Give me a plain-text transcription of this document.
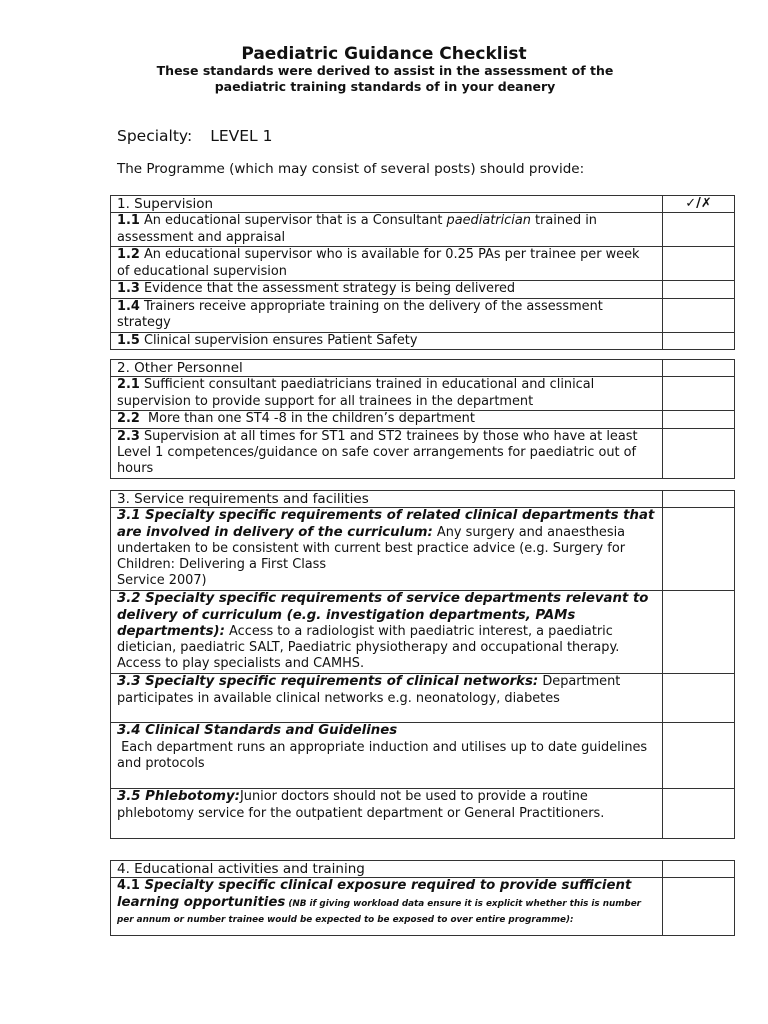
Paediatric Guidance Checklist
These standards were derived to assist in the assessment of the
paediatric training standards of in your deanery
Specialty: LEVEL 1
The Programme (which may consist of several posts) should provide:
1. Supervision	✓/✗
1.1 An educational supervisor that is a Consultant paediatrician trained in assessment and appraisal	
1.2 An educational supervisor who is available for 0.25 PAs per trainee per week of educational supervision	
1.3 Evidence that the assessment strategy is being delivered	
1.4 Trainers receive appropriate training on the delivery of the assessment strategy	
1.5 Clinical supervision ensures Patient Safety	
2. Other Personnel	
2.1 Sufficient consultant paediatricians trained in educational and clinical supervision to provide support for all trainees in the department	
2.2  More than one ST4 -8 in the children’s department	
2.3 Supervision at all times for ST1 and ST2 trainees by those who have at least Level 1 competences/guidance on safe cover arrangements for paediatric out of hours	
3. Service requirements and facilities	
3.1 Specialty specific requirements of related clinical departments that are involved in delivery of the curriculum: Any surgery and anaesthesia undertaken to be consistent with current best practice advice (e.g. Surgery for Children: Delivering a First Class
Service 2007)	
3.2 Specialty specific requirements of service departments relevant to delivery of curriculum (e.g. investigation departments, PAMs departments): Access to a radiologist with paediatric interest, a paediatric dietician, paediatric SALT, Paediatric physiotherapy and occupational therapy. Access to play specialists and CAMHS.	
3.3 Specialty specific requirements of clinical networks: Department participates in available clinical networks e.g. neonatology, diabetes	
3.4 Clinical Standards and Guidelines
Each department runs an appropriate induction and utilises up to date guidelines and protocols	
3.5 Phlebotomy:Junior doctors should not be used to provide a routine phlebotomy service for the outpatient department or General Practitioners.	
4. Educational activities and training	
4.1 Specialty specific clinical exposure required to provide sufficient learning opportunities (NB if giving workload data ensure it is explicit whether this is number per annum or number trainee would be expected to be exposed to over entire programme):	
